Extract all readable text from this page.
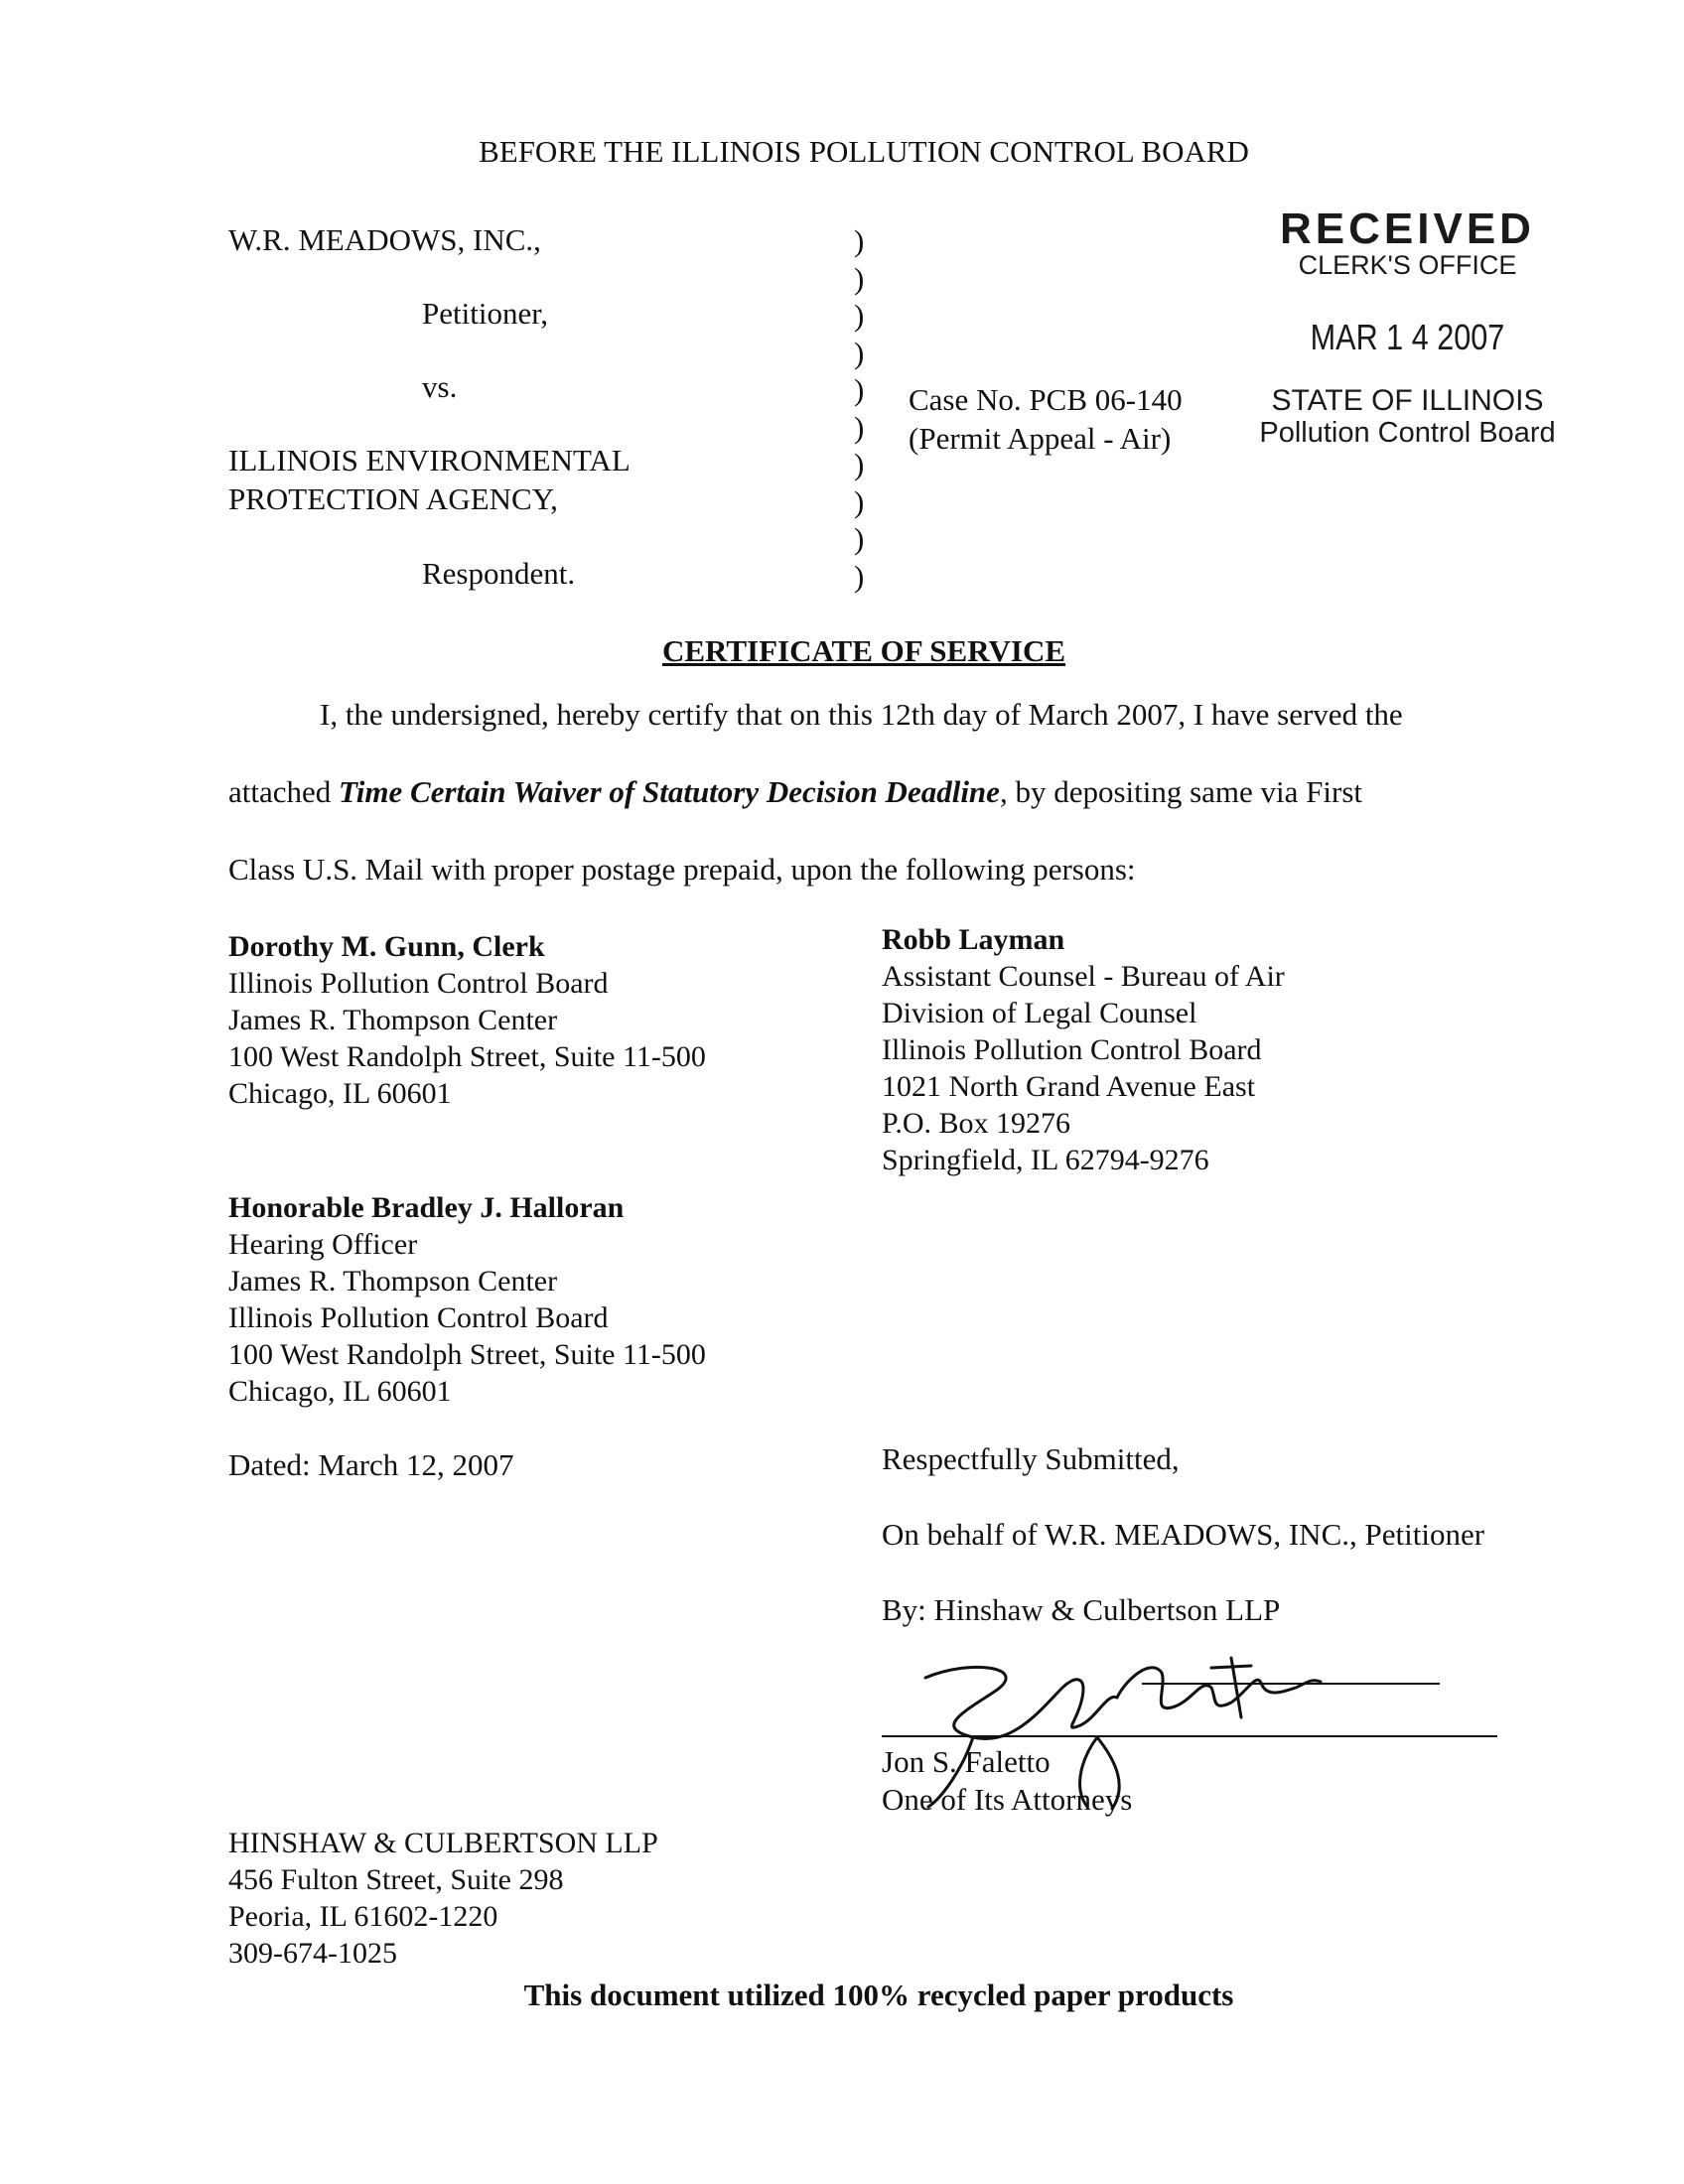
BEFORE THE ILLINOIS POLLUTION CONTROL BOARD
W.R. MEADOWS, INC.,
Petitioner,
vs.
ILLINOIS ENVIRONMENTAL
PROTECTION AGENCY,
Respondent.
)
)
)
)
)
)
)
)
)
)
Case No. PCB 06-140
(Permit Appeal - Air)
RECEIVED
CLERK'S OFFICE
MAR 1 4 2007
STATE OF ILLINOIS
Pollution Control Board
CERTIFICATE OF SERVICE
I, the undersigned, hereby certify that on this 12th day of March 2007, I have served the
attached Time Certain Waiver of Statutory Decision Deadline, by depositing same via First
Class U.S. Mail with proper postage prepaid, upon the following persons:
Dorothy M. Gunn, Clerk
Illinois Pollution Control Board
James R. Thompson Center
100 West Randolph Street, Suite 11-500
Chicago, IL 60601
Robb Layman
Assistant Counsel - Bureau of Air
Division of Legal Counsel
Illinois Pollution Control Board
1021 North Grand Avenue East
P.O. Box 19276
Springfield, IL 62794-9276
Honorable Bradley J. Halloran
Hearing Officer
James R. Thompson Center
Illinois Pollution Control Board
100 West Randolph Street, Suite 11-500
Chicago, IL 60601
Dated: March 12, 2007	Respectfully Submitted,
On behalf of W.R. MEADOWS, INC., Petitioner
By: Hinshaw & Culbertson LLP
Jon S. Faletto
One of Its Attorneys
HINSHAW & CULBERTSON LLP
456 Fulton Street, Suite 298
Peoria, IL 61602-1220
309-674-1025
This document utilized 100% recycled paper products
